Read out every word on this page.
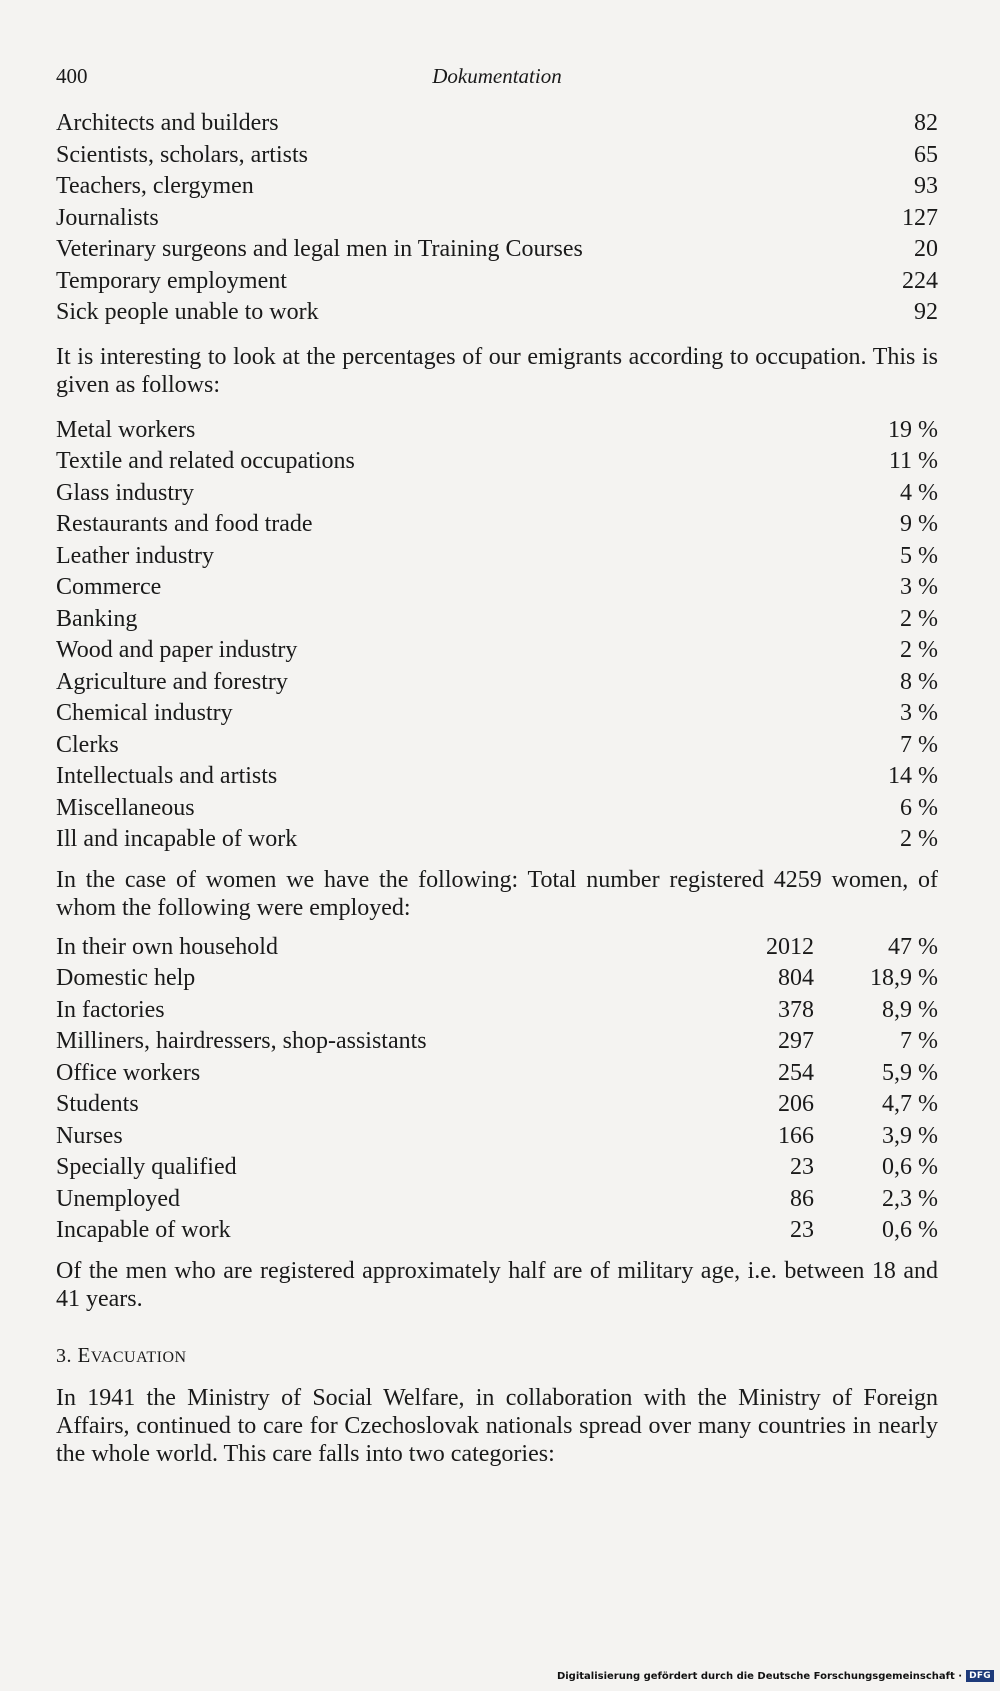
400	Dokumentation
Architects and builders	82
Scientists, scholars, artists	65
Teachers, clergymen	93
Journalists	127
Veterinary surgeons and legal men in Training Courses	20
Temporary employment	224
Sick people unable to work	92

It is interesting to look at the percentages of our emigrants according to occupation. This is given as follows:

Metal workers	19 %
Textile and related occupations	11 %
Glass industry	4 %
Restaurants and food trade	9 %
Leather industry	5 %
Commerce	3 %
Banking	2 %
Wood and paper industry	2 %
Agriculture and forestry	8 %
Chemical industry	3 %
Clerks	7 %
Intellectuals and artists	14 %
Miscellaneous	6 %
Ill and incapable of work	2 %

In the case of women we have the following: Total number registered 4259 women, of whom the following were employed:

In their own household	2012	47 %
Domestic help	804	18,9 %
In factories	378	8,9 %
Milliners, hairdressers, shop-assistants	297	7 %
Office workers	254	5,9 %
Students	206	4,7 %
Nurses	166	3,9 %
Specially qualified	23	0,6 %
Unemployed	86	2,3 %
Incapable of work	23	0,6 %

Of the men who are registered approximately half are of military age, i.e. between 18 and 41 years.

3. EVACUATION

In 1941 the Ministry of Social Welfare, in collaboration with the Ministry of Foreign Affairs, continued to care for Czechoslovak nationals spread over many countries in nearly the whole world. This care falls into two categories:

Digitalisierung gefördert durch die Deutsche Forschungsgemeinschaft · DFG
